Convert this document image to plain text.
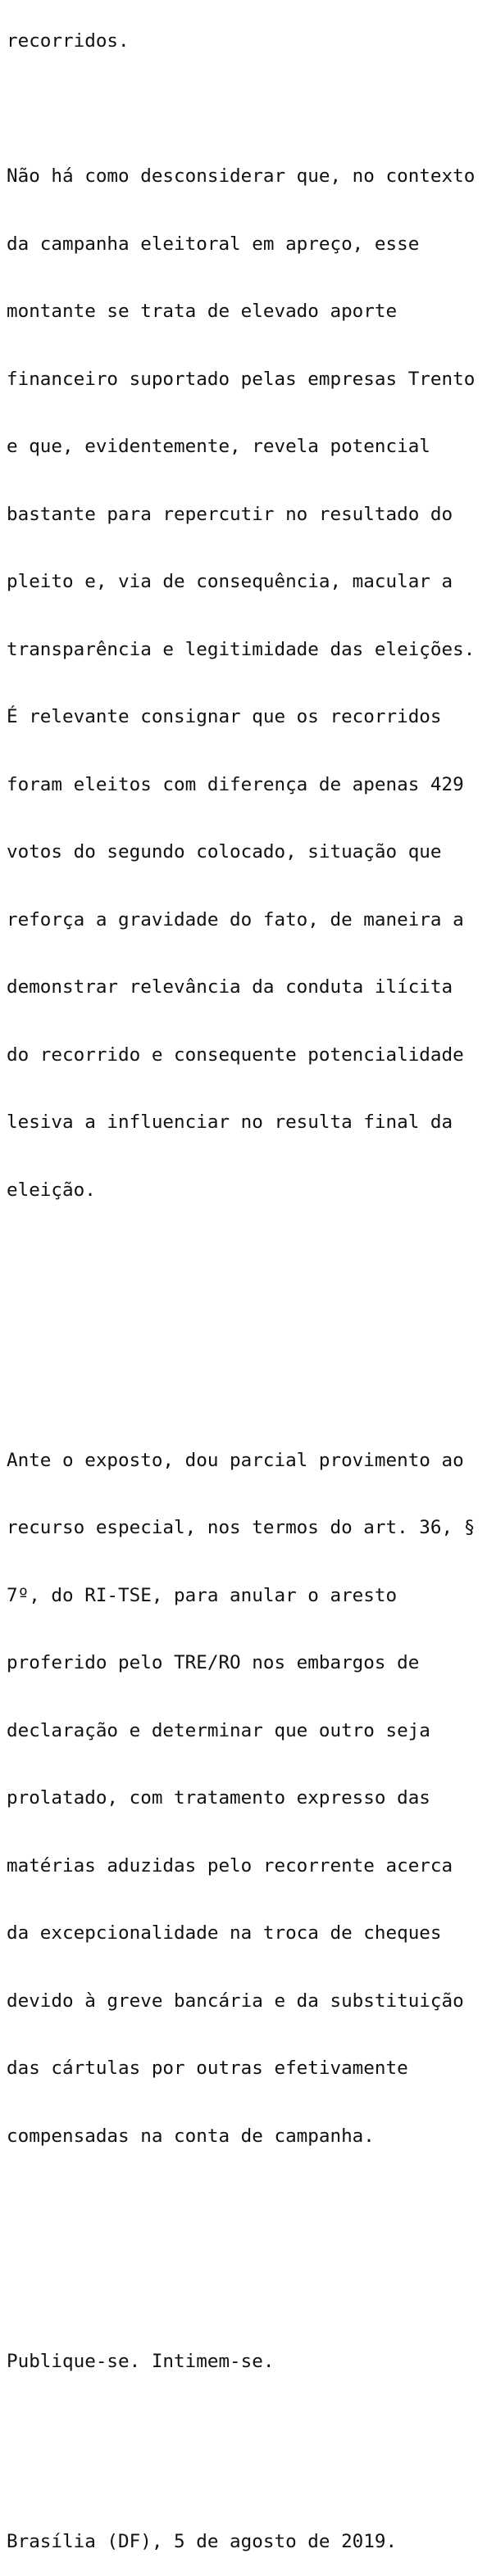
recorridos.

Não há como desconsiderar que, no contexto

da campanha eleitoral em apreço, esse

montante se trata de elevado aporte

financeiro suportado pelas empresas Trento

e que, evidentemente, revela potencial

bastante para repercutir no resultado do

pleito e, via de consequência, macular a

transparência e legitimidade das eleições.

É relevante consignar que os recorridos

foram eleitos com diferença de apenas 429

votos do segundo colocado, situação que

reforça a gravidade do fato, de maneira a

demonstrar relevância da conduta ilícita

do recorrido e consequente potencialidade

lesiva a influenciar no resulta final da

eleição.

Ante o exposto, dou parcial provimento ao

recurso especial, nos termos do art. 36, §

7º, do RI-TSE, para anular o aresto

proferido pelo TRE/RO nos embargos de

declaração e determinar que outro seja

prolatado, com tratamento expresso das

matérias aduzidas pelo recorrente acerca

da excepcionalidade na troca de cheques

devido à greve bancária e da substituição

das cártulas por outras efetivamente

compensadas na conta de campanha.

Publique-se. Intimem-se.

Brasília (DF), 5 de agosto de 2019.
